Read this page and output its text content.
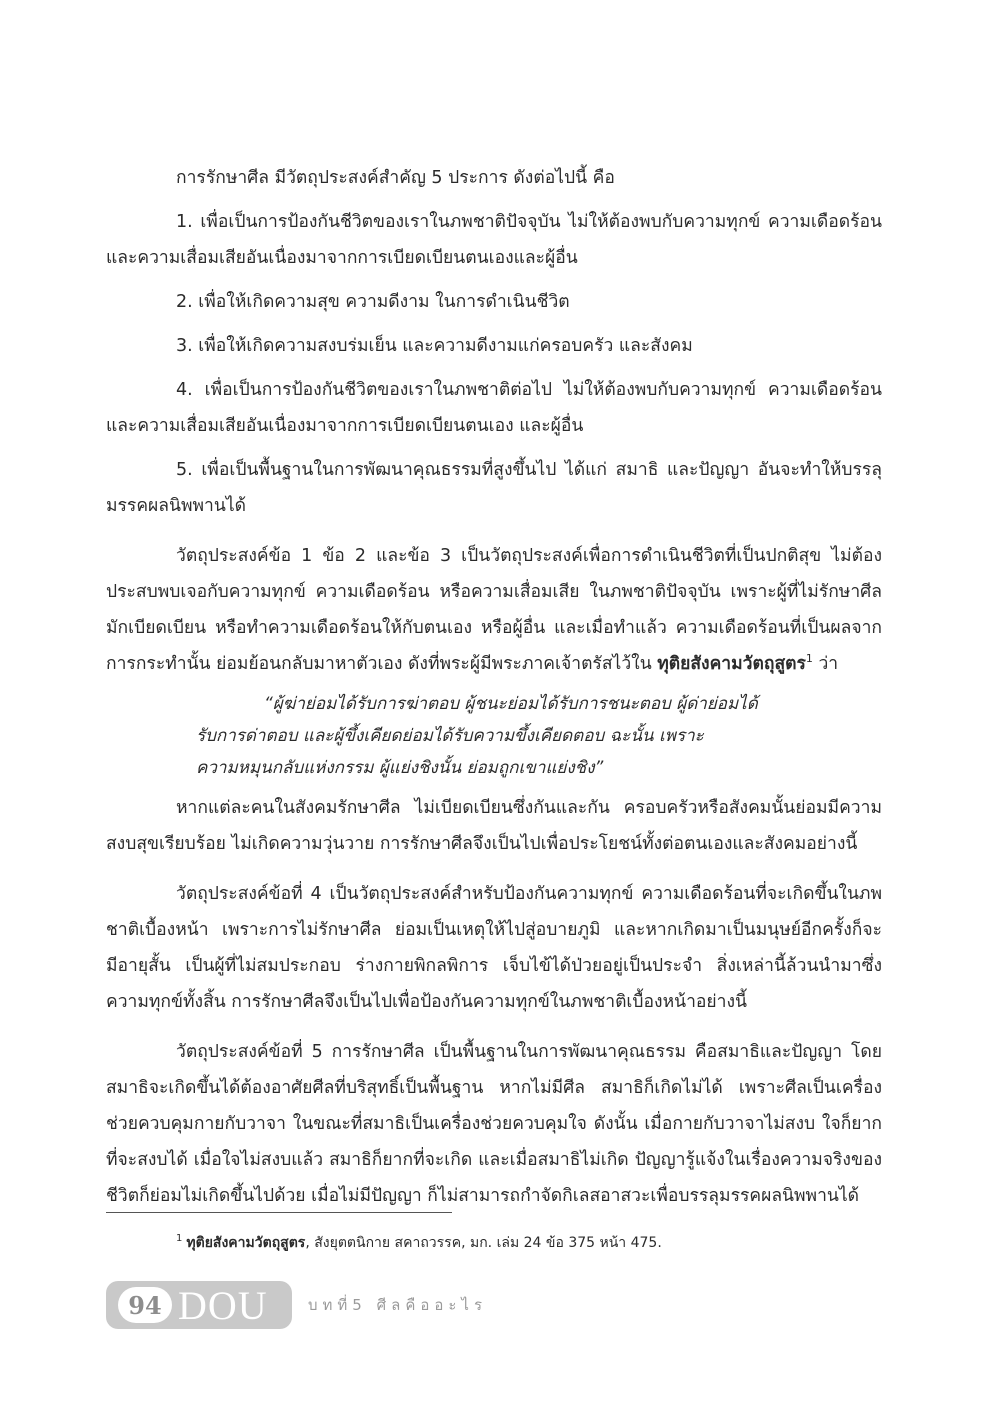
การรักษาศีล มีวัตถุประสงค์สำคัญ 5 ประการ ดังต่อไปนี้ คือ

1. เพื่อเป็นการป้องกันชีวิตของเราในภพชาติปัจจุบัน ไม่ให้ต้องพบกับความทุกข์ ความเดือดร้อน และความเสื่อมเสียอันเนื่องมาจากการเบียดเบียนตนเองและผู้อื่น

2. เพื่อให้เกิดความสุข ความดีงาม ในการดำเนินชีวิต

3. เพื่อให้เกิดความสงบร่มเย็น และความดีงามแก่ครอบครัว และสังคม

4. เพื่อเป็นการป้องกันชีวิตของเราในภพชาติต่อไป ไม่ให้ต้องพบกับความทุกข์ ความเดือดร้อน และความเสื่อมเสียอันเนื่องมาจากการเบียดเบียนตนเอง และผู้อื่น

5. เพื่อเป็นพื้นฐานในการพัฒนาคุณธรรมที่สูงขึ้นไป ได้แก่ สมาธิ และปัญญา อันจะทำให้บรรลุมรรคผลนิพพานได้

วัตถุประสงค์ข้อ 1 ข้อ 2 และข้อ 3 เป็นวัตถุประสงค์เพื่อการดำเนินชีวิตที่เป็นปกติสุข ไม่ต้องประสบพบเจอกับความทุกข์ ความเดือดร้อน หรือความเสื่อมเสีย ในภพชาติปัจจุบัน เพราะผู้ที่ไม่รักษาศีลมักเบียดเบียน หรือทำความเดือดร้อนให้กับตนเอง หรือผู้อื่น และเมื่อทำแล้ว ความเดือดร้อนที่เป็นผลจากการกระทำนั้น ย่อมย้อนกลับมาหาตัวเอง ดังที่พระผู้มีพระภาคเจ้าตรัสไว้ใน ทุติยสังคามวัตถุสูตร$^1$ ว่า

“ผู้ฆ่าย่อมได้รับการฆ่าตอบ ผู้ชนะย่อมได้รับการชนะตอบ ผู้ด่าย่อมได้
รับการด่าตอบ และผู้ขึ้งเคียดย่อมได้รับความขึ้งเคียดตอบ ฉะนั้น เพราะ
ความหมุนกลับแห่งกรรม ผู้แย่งชิงนั้น ย่อมถูกเขาแย่งชิง”

หากแต่ละคนในสังคมรักษาศีล ไม่เบียดเบียนซึ่งกันและกัน ครอบครัวหรือสังคมนั้นย่อมมีความสงบสุขเรียบร้อย ไม่เกิดความวุ่นวาย การรักษาศีลจึงเป็นไปเพื่อประโยชน์ทั้งต่อตนเองและสังคมอย่างนี้

วัตถุประสงค์ข้อที่ 4 เป็นวัตถุประสงค์สำหรับป้องกันความทุกข์ ความเดือดร้อนที่จะเกิดขึ้นในภพชาติเบื้องหน้า เพราะการไม่รักษาศีล ย่อมเป็นเหตุให้ไปสู่อบายภูมิ และหากเกิดมาเป็นมนุษย์อีกครั้งก็จะมีอายุสั้น เป็นผู้ที่ไม่สมประกอบ ร่างกายพิกลพิการ เจ็บไข้ได้ป่วยอยู่เป็นประจำ สิ่งเหล่านี้ล้วนนำมาซึ่งความทุกข์ทั้งสิ้น การรักษาศีลจึงเป็นไปเพื่อป้องกันความทุกข์ในภพชาติเบื้องหน้าอย่างนี้

วัตถุประสงค์ข้อที่ 5 การรักษาศีล เป็นพื้นฐานในการพัฒนาคุณธรรม คือสมาธิและปัญญา โดยสมาธิจะเกิดขึ้นได้ต้องอาศัยศีลที่บริสุทธิ์เป็นพื้นฐาน หากไม่มีศีล สมาธิก็เกิดไม่ได้ เพราะศีลเป็นเครื่องช่วยควบคุมกายกับวาจา ในขณะที่สมาธิเป็นเครื่องช่วยควบคุมใจ ดังนั้น เมื่อกายกับวาจาไม่สงบ ใจก็ยากที่จะสงบได้ เมื่อใจไม่สงบแล้ว สมาธิก็ยากที่จะเกิด และเมื่อสมาธิไม่เกิด ปัญญารู้แจ้งในเรื่องความจริงของชีวิตก็ย่อมไม่เกิดขึ้นไปด้วย เมื่อไม่มีปัญญา ก็ไม่สามารถกำจัดกิเลสอาสวะเพื่อบรรลุมรรคผลนิพพานได้

$^1$ ทุติยสังคามวัตถุสูตร, สังยุตตนิกาย สคาถวรรค, มก. เล่ม 24 ข้อ 375 หน้า 475.
94 DOU	บทที่5 ศีลคืออะไร
